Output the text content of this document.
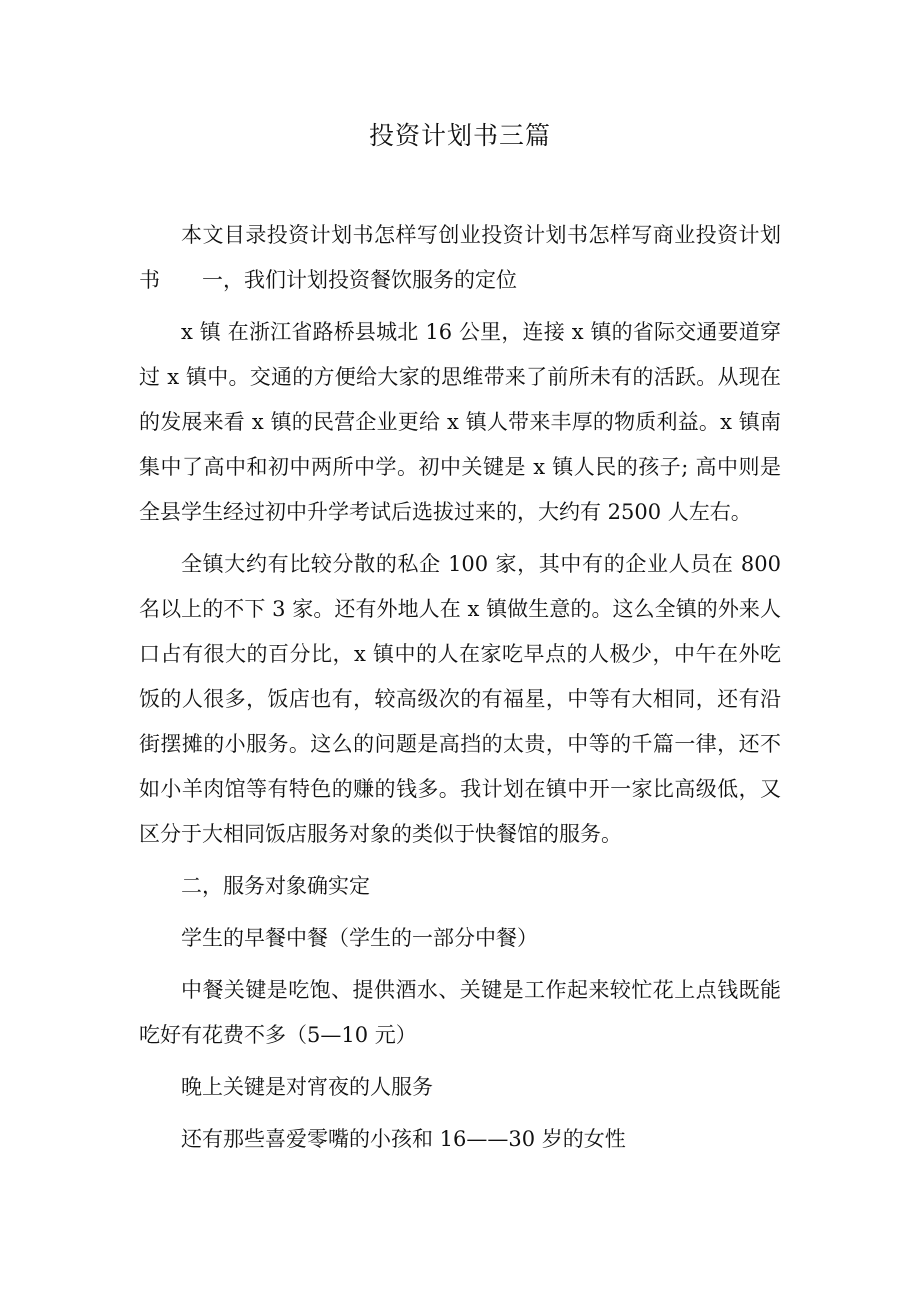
投资计划书三篇

本文目录投资计划书怎样写创业投资计划书怎样写商业投资计划书　　一，我们计划投资餐饮服务的定位

x 镇 在浙江省路桥县城北 16 公里，连接 x 镇的省际交通要道穿过 x 镇中。交通的方便给大家的思维带来了前所未有的活跃。从现在的发展来看 x 镇的民营企业更给 x 镇人带来丰厚的物质利益。x 镇南集中了高中和初中两所中学。初中关键是 x 镇人民的孩子; 高中则是全县学生经过初中升学考试后选拔过来的，大约有 2500 人左右。

全镇大约有比较分散的私企 100 家，其中有的企业人员在 800 名以上的不下 3 家。还有外地人在 x 镇做生意的。这么全镇的外来人口占有很大的百分比，x 镇中的人在家吃早点的人极少，中午在外吃饭的人很多，饭店也有，较高级次的有福星，中等有大相同，还有沿街摆摊的小服务。这么的问题是高挡的太贵，中等的千篇一律，还不如小羊肉馆等有特色的赚的钱多。我计划在镇中开一家比高级低，又区分于大相同饭店服务对象的类似于快餐馆的服务。

二，服务对象确实定

学生的早餐中餐（学生的一部分中餐）

中餐关键是吃饱、提供酒水、关键是工作起来较忙花上点钱既能吃好有花费不多（5—10 元）

晚上关键是对宵夜的人服务

还有那些喜爱零嘴的小孩和 16——30 岁的女性
